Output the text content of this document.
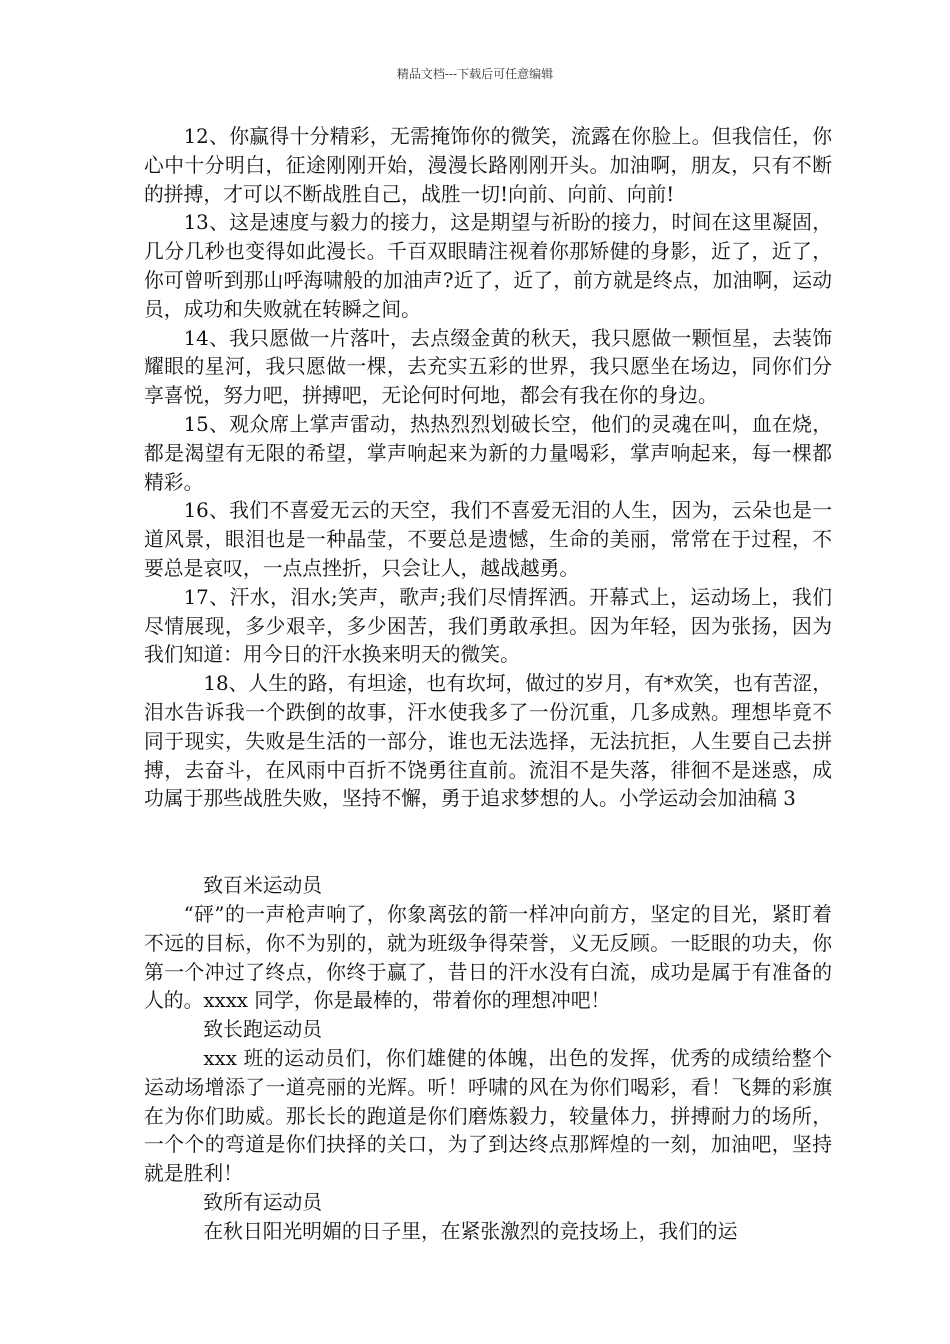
精品文档---下载后可任意编辑

12、你赢得十分精彩，无需掩饰你的微笑，流露在你脸上。但我信任，你心中十分明白，征途刚刚开始，漫漫长路刚刚开头。加油啊，朋友，只有不断的拼搏，才可以不断战胜自己，战胜一切!向前、向前、向前!

13、这是速度与毅力的接力，这是期望与祈盼的接力，时间在这里凝固，几分几秒也变得如此漫长。千百双眼睛注视着你那矫健的身影，近了，近了，你可曾听到那山呼海啸般的加油声?近了，近了，前方就是终点，加油啊，运动员，成功和失败就在转瞬之间。

14、我只愿做一片落叶，去点缀金黄的秋天，我只愿做一颗恒星，去装饰耀眼的星河，我只愿做一棵，去充实五彩的世界，我只愿坐在场边，同你们分享喜悦，努力吧，拼搏吧，无论何时何地，都会有我在你的身边。

15、观众席上掌声雷动，热热烈烈划破长空，他们的灵魂在叫，血在烧，都是渴望有无限的希望，掌声响起来为新的力量喝彩，掌声响起来，每一棵都精彩。

16、我们不喜爱无云的天空，我们不喜爱无泪的人生，因为，云朵也是一道风景，眼泪也是一种晶莹，不要总是遗憾，生命的美丽，常常在于过程，不要总是哀叹，一点点挫折，只会让人，越战越勇。

17、汗水，泪水;笑声，歌声;我们尽情挥洒。开幕式上，运动场上，我们尽情展现，多少艰辛，多少困苦，我们勇敢承担。因为年轻，因为张扬，因为我们知道：用今日的汗水换来明天的微笑。

18、人生的路，有坦途，也有坎坷，做过的岁月，有*欢笑，也有苦涩，泪水告诉我一个跌倒的故事，汗水使我多了一份沉重，几多成熟。理想毕竟不同于现实，失败是生活的一部分，谁也无法选择，无法抗拒，人生要自己去拼搏，去奋斗，在风雨中百折不饶勇往直前。流泪不是失落，徘徊不是迷惑，成功属于那些战胜失败，坚持不懈，勇于追求梦想的人。小学运动会加油稿 3

致百米运动员

“砰”的一声枪声响了，你象离弦的箭一样冲向前方，坚定的目光，紧盯着不远的目标，你不为别的，就为班级争得荣誉，义无反顾。一眨眼的功夫，你第一个冲过了终点，你终于赢了，昔日的汗水没有白流，成功是属于有准备的人的。xxxx 同学，你是最棒的，带着你的理想冲吧！

致长跑运动员

xxx 班的运动员们，你们雄健的体魄，出色的发挥，优秀的成绩给整个运动场增添了一道亮丽的光辉。听！呼啸的风在为你们喝彩，看！飞舞的彩旗在为你们助威。那长长的跑道是你们磨炼毅力，较量体力，拼搏耐力的场所，一个个的弯道是你们抉择的关口，为了到达终点那辉煌的一刻，加油吧，坚持就是胜利！

致所有运动员

在秋日阳光明媚的日子里，在紧张激烈的竞技场上，我们的运
